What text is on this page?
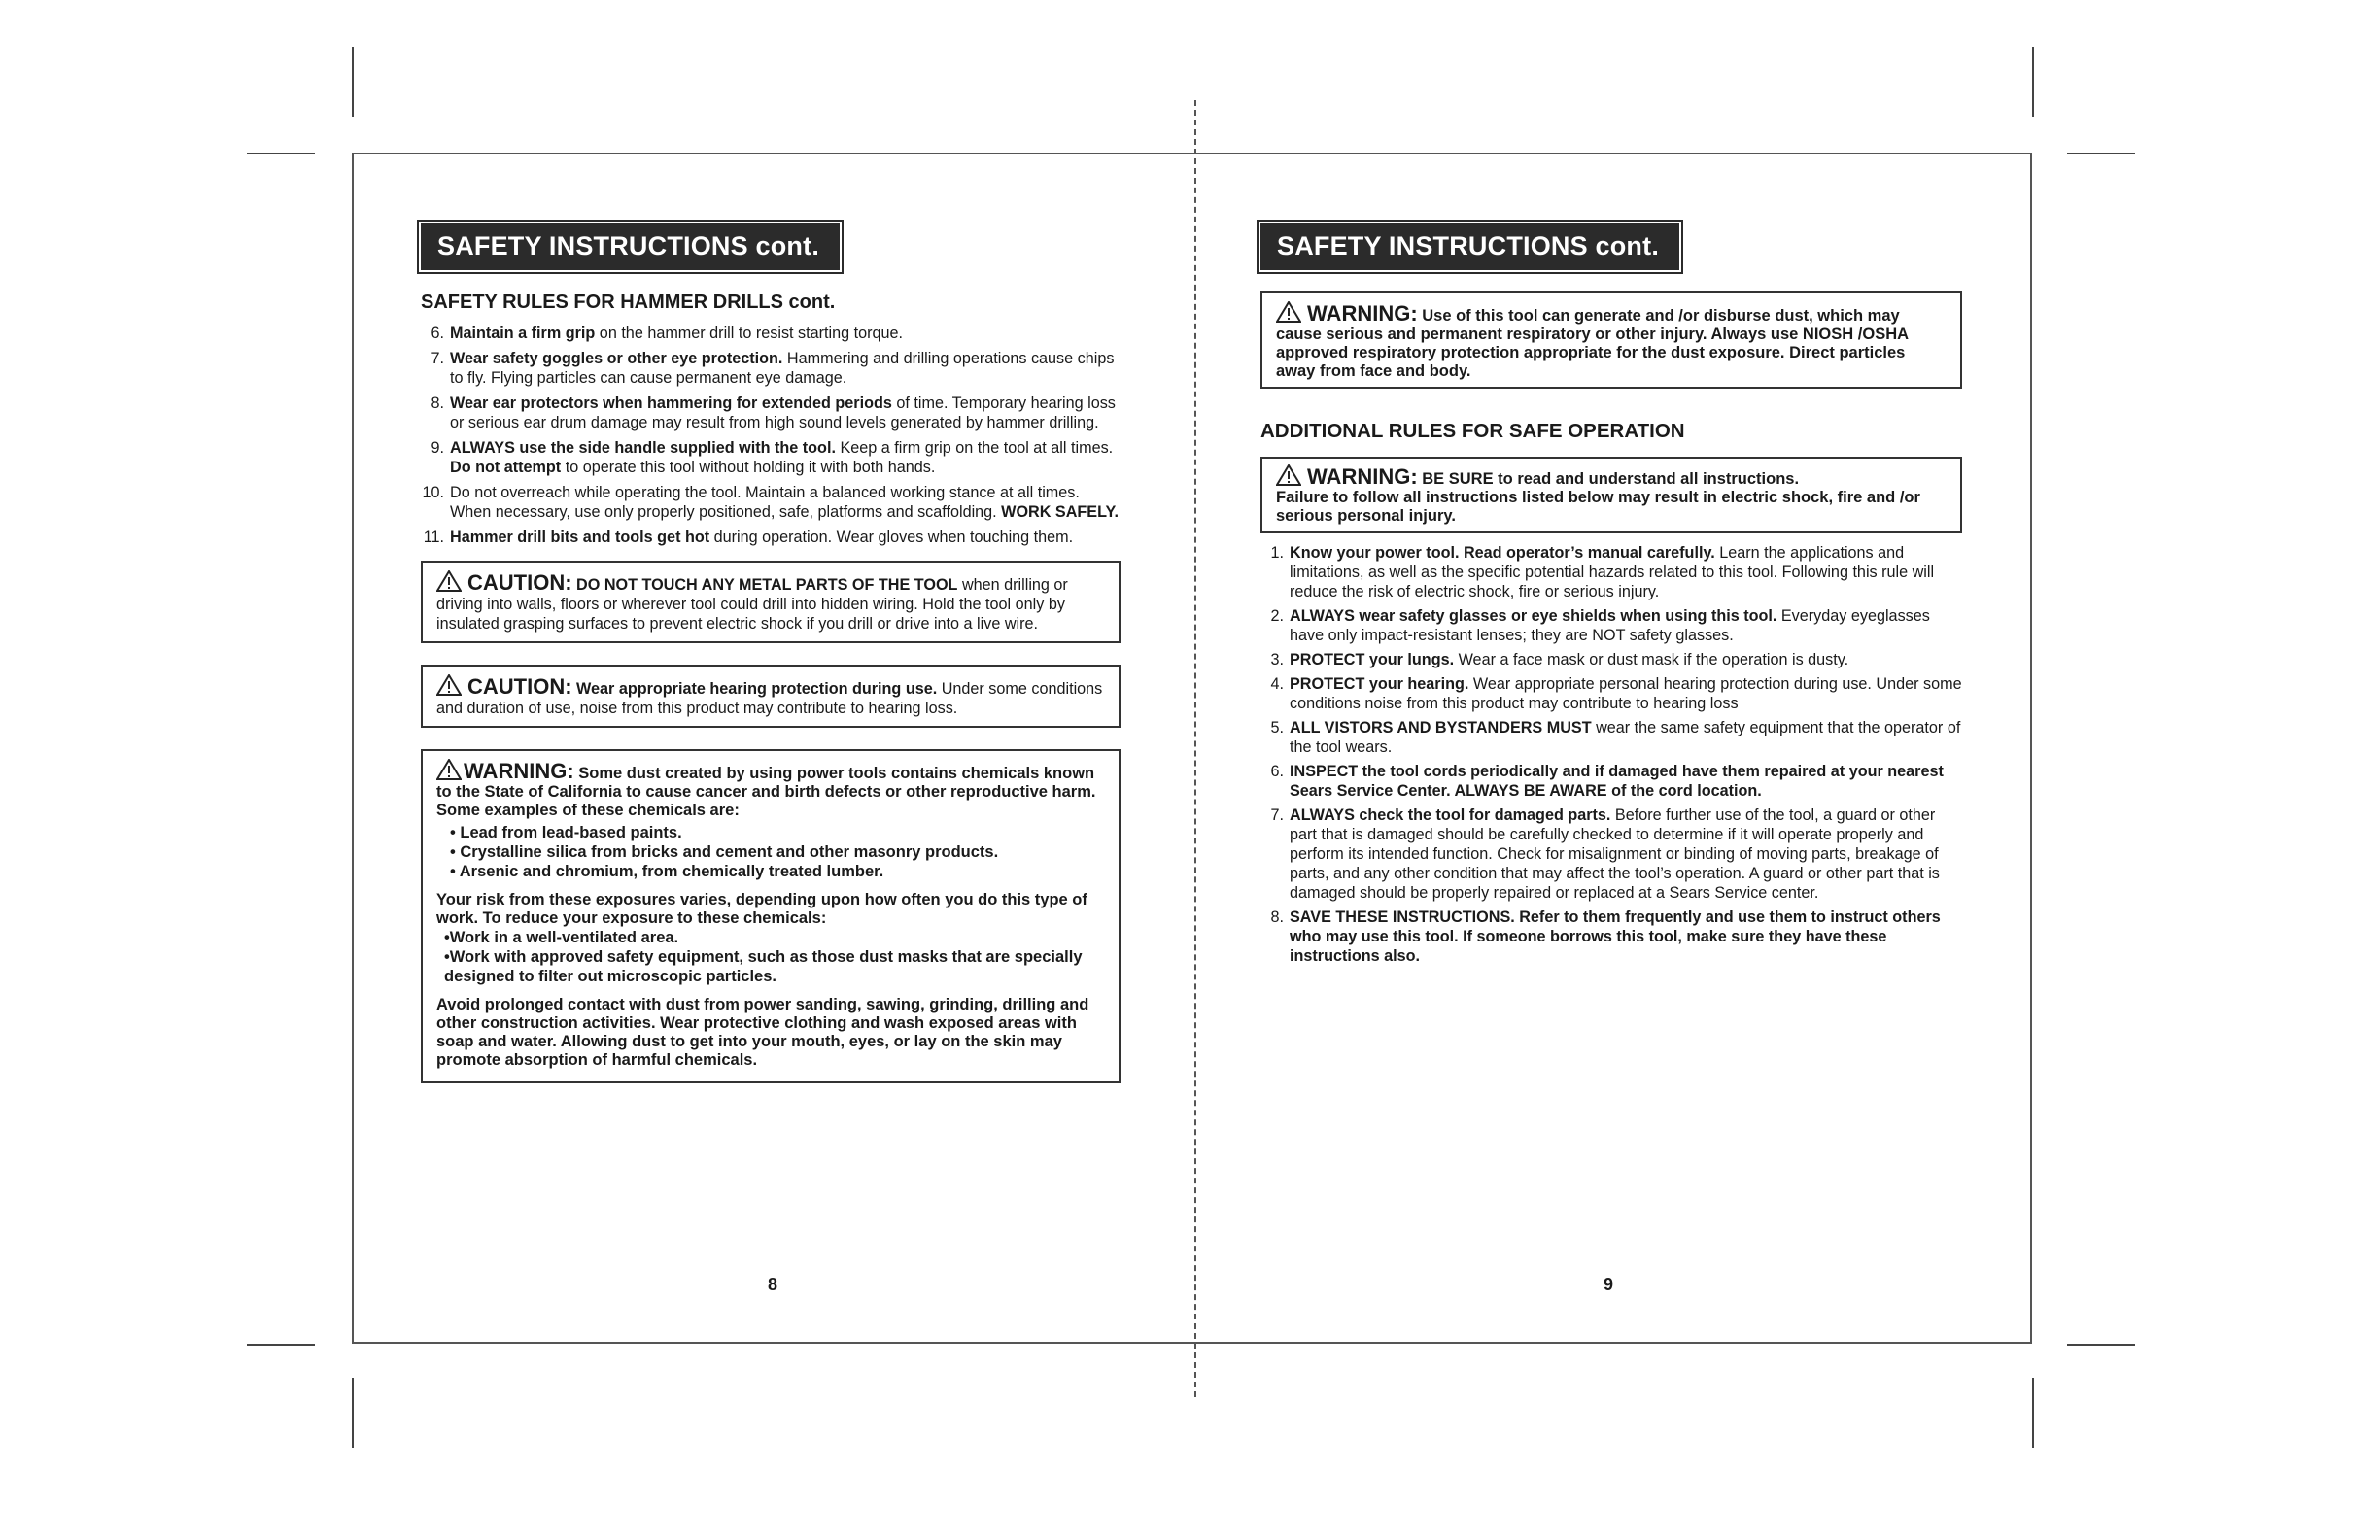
SAFETY INSTRUCTIONS cont.
SAFETY RULES FOR HAMMER DRILLS cont.
6. Maintain a firm grip on the hammer drill to resist starting torque.
7. Wear safety goggles or other eye protection. Hammering and drilling operations cause chips to fly. Flying particles can cause permanent eye damage.
8. Wear ear protectors when hammering for extended periods of time. Temporary hearing loss or serious ear drum damage may result from high sound levels generated by hammer drilling.
9. ALWAYS use the side handle supplied with the tool. Keep a firm grip on the tool at all times. Do not attempt to operate this tool without holding it with both hands.
10. Do not overreach while operating the tool. Maintain a balanced working stance at all times. When necessary, use only properly positioned, safe, platforms and scaffolding. WORK SAFELY.
11. Hammer drill bits and tools get hot during operation. Wear gloves when touching them.
CAUTION: DO NOT TOUCH ANY METAL PARTS OF THE TOOL when drilling or driving into walls, floors or wherever tool could drill into hidden wiring. Hold the tool only by insulated grasping surfaces to prevent electric shock if you drill or drive into a live wire.
CAUTION: Wear appropriate hearing protection during use. Under some conditions and duration of use, noise from this product may contribute to hearing loss.
WARNING: Some dust created by using power tools contains chemicals known to the State of California to cause cancer and birth defects or other reproductive harm. Some examples of these chemicals are:
• Lead from lead-based paints.
• Crystalline silica from bricks and cement and other masonry products.
• Arsenic and chromium, from chemically treated lumber.
Your risk from these exposures varies, depending upon how often you do this type of work. To reduce your exposure to these chemicals:
•Work in a well-ventilated area.
•Work with approved safety equipment, such as those dust masks that are specially designed to filter out microscopic particles.
Avoid prolonged contact with dust from power sanding, sawing, grinding, drilling and other construction activities. Wear protective clothing and wash exposed areas with soap and water. Allowing dust to get into your mouth, eyes, or lay on the skin may promote absorption of harmful chemicals.
8
SAFETY INSTRUCTIONS cont.
WARNING: Use of this tool can generate and /or disburse dust, which may cause serious and permanent respiratory or other injury. Always use NIOSH /OSHA approved respiratory protection appropriate for the dust exposure. Direct particles away from face and body.
ADDITIONAL RULES FOR SAFE OPERATION
WARNING: BE SURE to read and understand all instructions.
Failure to follow all instructions listed below may result in electric shock, fire and /or serious personal injury.
1. Know your power tool. Read operator’s manual carefully. Learn the applications and limitations, as well as the specific potential hazards related to this tool. Following this rule will reduce the risk of electric shock, fire or serious injury.
2. ALWAYS wear safety glasses or eye shields when using this tool. Everyday eyeglasses have only impact-resistant lenses; they are NOT safety glasses.
3. PROTECT your lungs. Wear a face mask or dust mask if the operation is dusty.
4. PROTECT your hearing. Wear appropriate personal hearing protection during use. Under some conditions noise from this product may contribute to hearing loss
5. ALL VISTORS AND BYSTANDERS MUST wear the same safety equipment that the operator of the tool wears.
6. INSPECT the tool cords periodically and if damaged have them repaired at your nearest Sears Service Center. ALWAYS BE AWARE of the cord location.
7. ALWAYS check the tool for damaged parts. Before further use of the tool, a guard or other part that is damaged should be carefully checked to determine if it will operate properly and perform its intended function. Check for misalignment or binding of moving parts, breakage of parts, and any other condition that may affect the tool’s operation. A guard or other part that is damaged should be properly repaired or replaced at a Sears Service center.
8. SAVE THESE INSTRUCTIONS. Refer to them frequently and use them to instruct others who may use this tool. If someone borrows this tool, make sure they have these instructions also.
9
